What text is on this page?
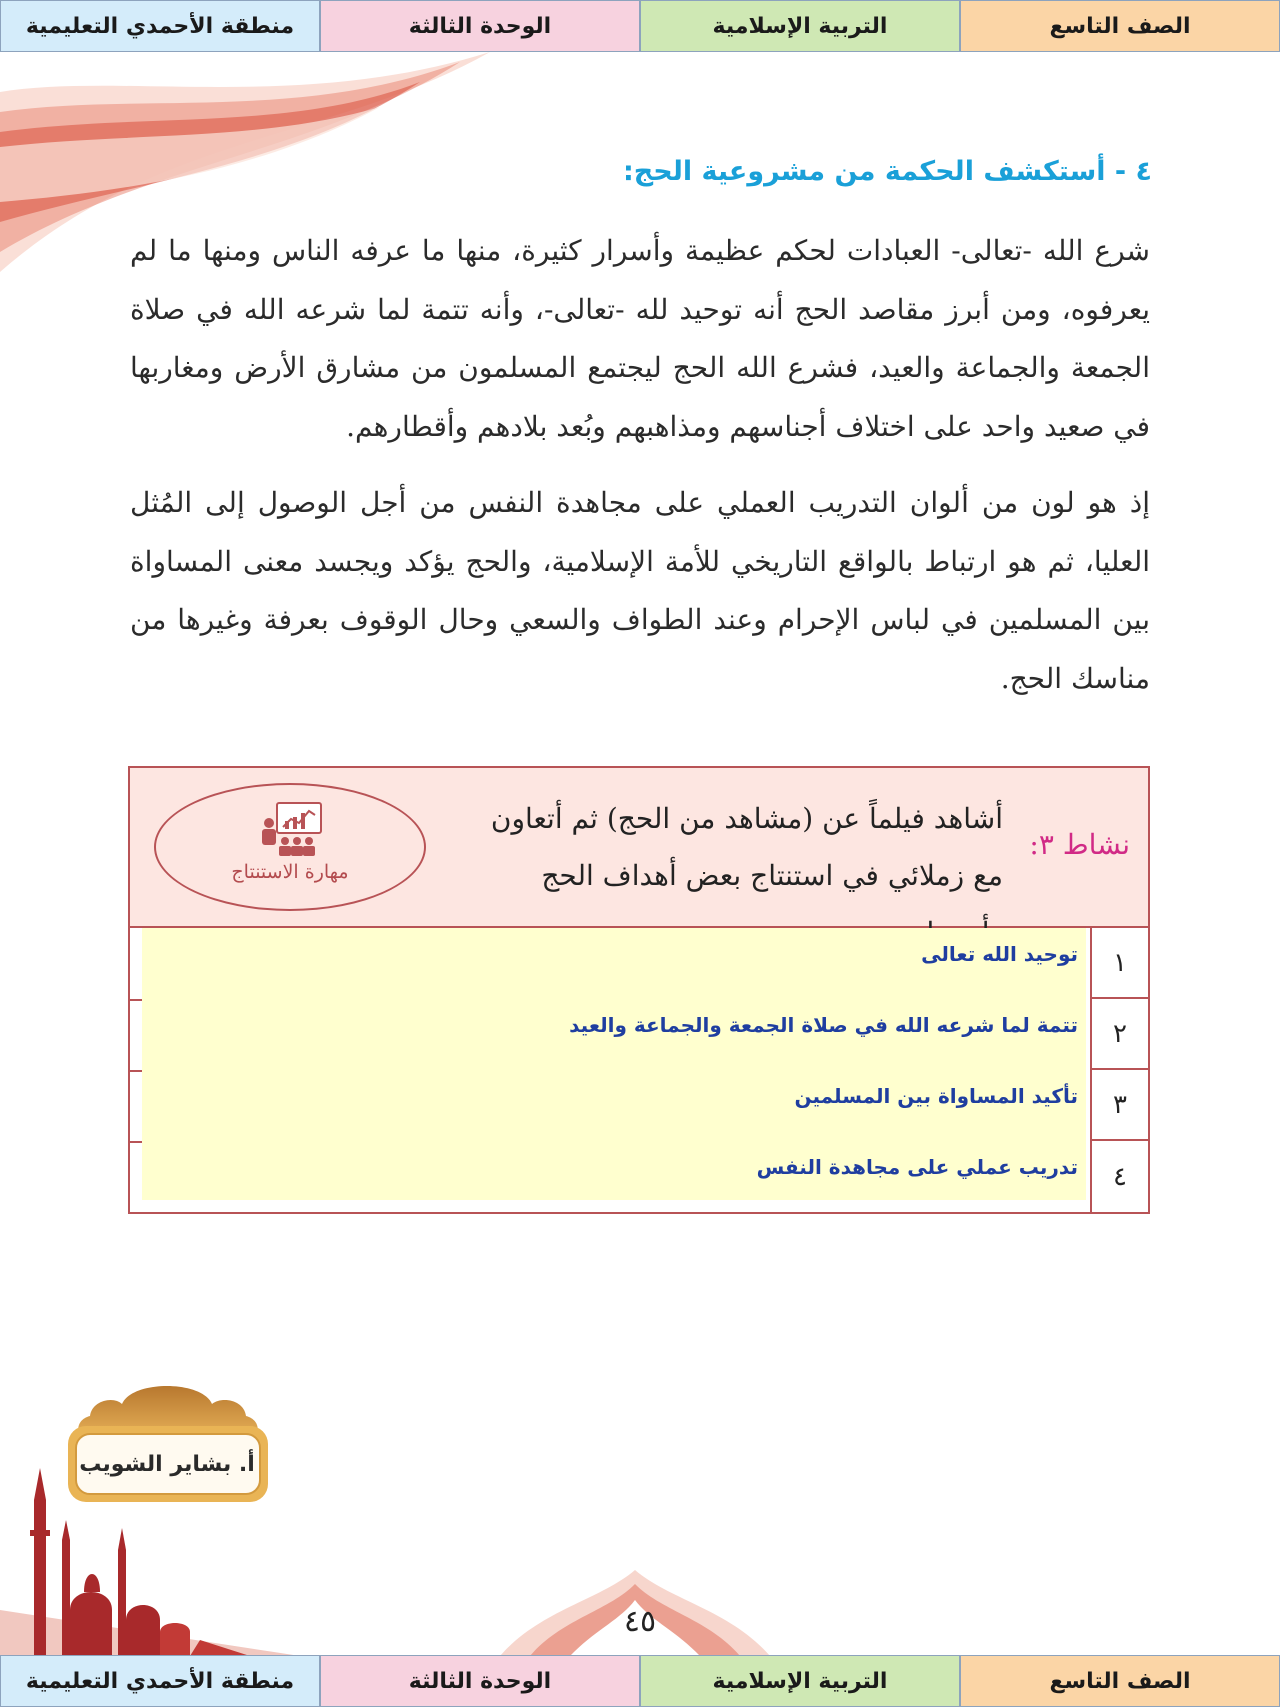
الصف التاسع
التربية الإسلامية
الوحدة الثالثة
منطقة الأحمدي التعليمية
٤ - أستكشف الحكمة من مشروعية الحج:

شرع الله -تعالى- العبادات لحكم عظيمة وأسرار كثيرة، منها ما عرفه الناس ومنها ما لم يعرفوه، ومن أبرز مقاصد الحج أنه توحيد لله -تعالى-، وأنه تتمة لما شرعه الله في صلاة الجمعة والجماعة والعيد، فشرع الله الحج ليجتمع المسلمون من مشارق الأرض ومغاربها في صعيد واحد على اختلاف أجناسهم ومذاهبهم وبُعد بلادهم وأقطارهم.

إذ هو لون من ألوان التدريب العملي على مجاهدة النفس من أجل الوصول إلى المُثل العليا، ثم هو ارتباط بالواقع التاريخي للأمة الإسلامية، والحج يؤكد ويجسد معنى المساواة بين المسلمين في لباس الإحرام وعند الطواف والسعي وحال الوقوف بعرفة وغيرها من مناسك الحج.

نشاط ٣:

أشاهد فيلماً عن (مشاهد من الحج) ثم أتعاون مع زملائي في استنتاج بعض أهداف الحج

مهارة الاستنتاج
١
توحيد الله تعالى
٢
تتمة لما شرعه الله في صلاة الجمعة والجماعة والعيد
٣
تأكيد المساواة بين المسلمين
٤
تدريب عملي على مجاهدة النفس
أ. بشاير الشويب
٤٥
الصف التاسع
التربية الإسلامية
الوحدة الثالثة
منطقة الأحمدي التعليمية
